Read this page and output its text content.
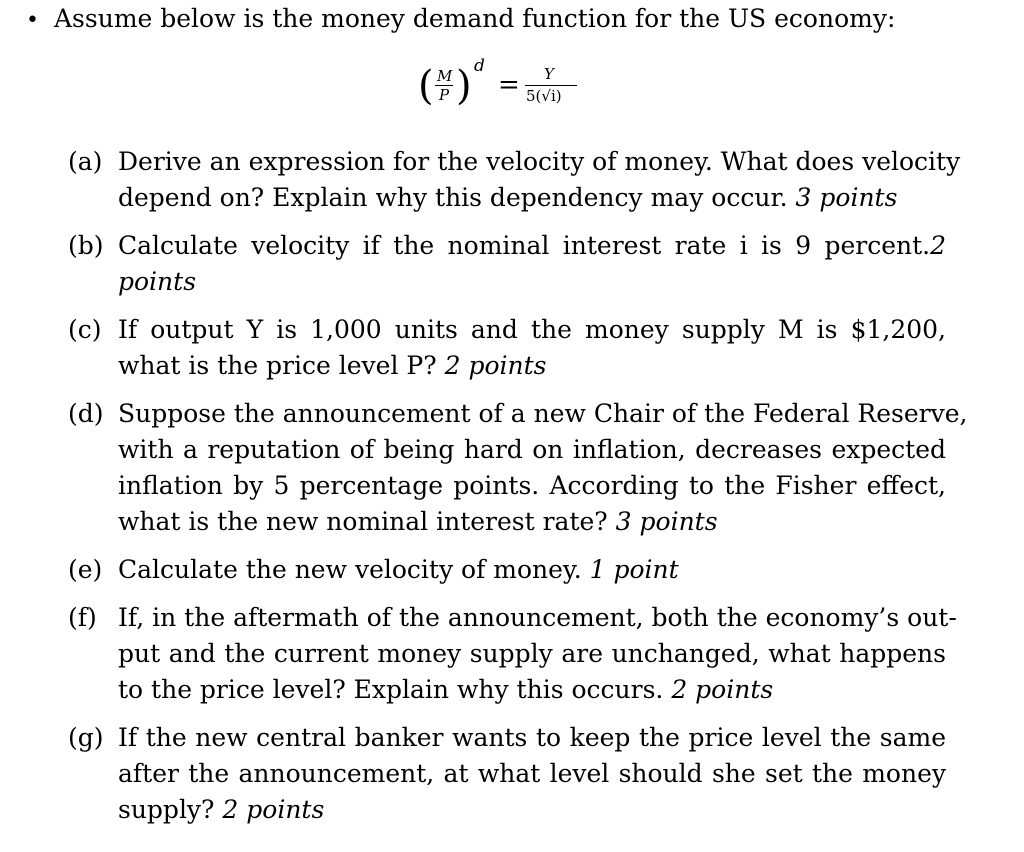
• Assume below is the money demand function for the US economy:
( M
P ) d
= Y
5(√i)
(a) Derive an expression for the velocity of money. What does velocity
depend on? Explain why this dependency may occur. 3 points
(b) Calculate velocity if the nominal interest rate i is 9 percent.2
points
(c) If output Y is 1,000 units and the money supply M is $1,200,
what is the price level P? 2 points
(d) Suppose the announcement of a new Chair of the Federal Reserve,
with a reputation of being hard on inflation, decreases expected
inflation by 5 percentage points. According to the Fisher effect,
what is the new nominal interest rate? 3 points
(e) Calculate the new velocity of money. 1 point
(f) If, in the aftermath of the announcement, both the economy’s out-
put and the current money supply are unchanged, what happens
to the price level? Explain why this occurs. 2 points
(g) If the new central banker wants to keep the price level the same
after the announcement, at what level should she set the money
supply? 2 points
